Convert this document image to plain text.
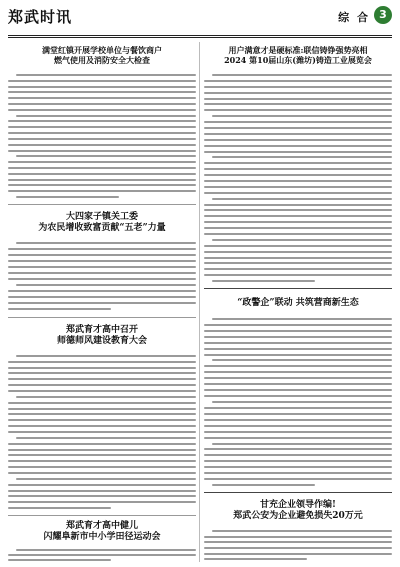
郑武时讯	综 合 3
满堂红镇开展学校单位与餐饮商户
燃气使用及消防安全大检查
大四家子镇关工委
为农民增收致富贡献“五老”力量
郑武育才高中召开
师德师风建设教育大会
郑武育才高中健儿
闪耀阜新市中小学田径运动会
用户满意才是硬标准:联信铸铮强势亮相
2024 第10届山东(潍坊)铸造工业展览会
“政警企”联动 共筑营商新生态
甘充企业领导作编!
郑武公安为企业避免损失20万元
